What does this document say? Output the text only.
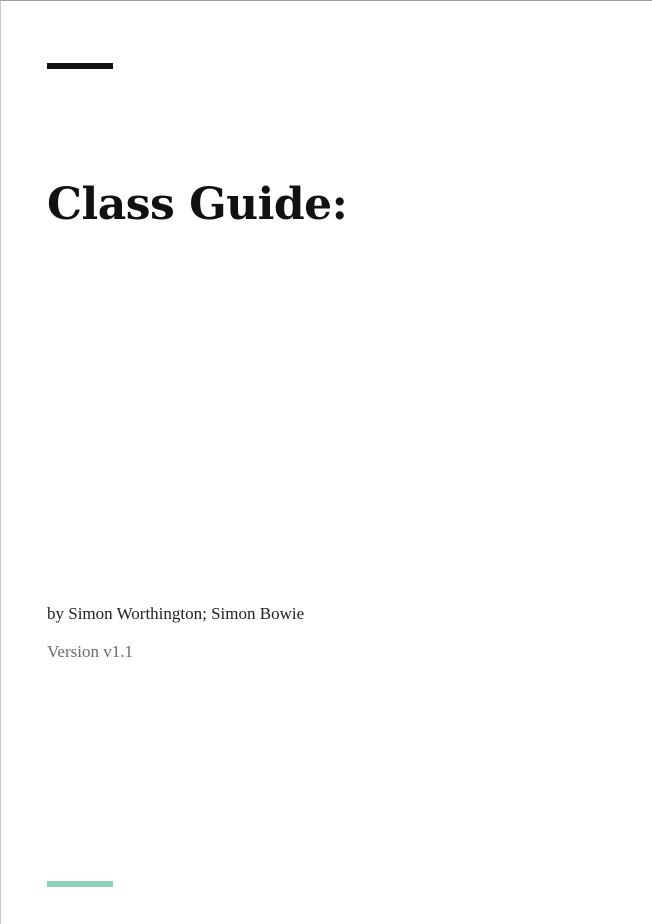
Class Guide:

by Simon Worthington; Simon Bowie

Version v1.1
